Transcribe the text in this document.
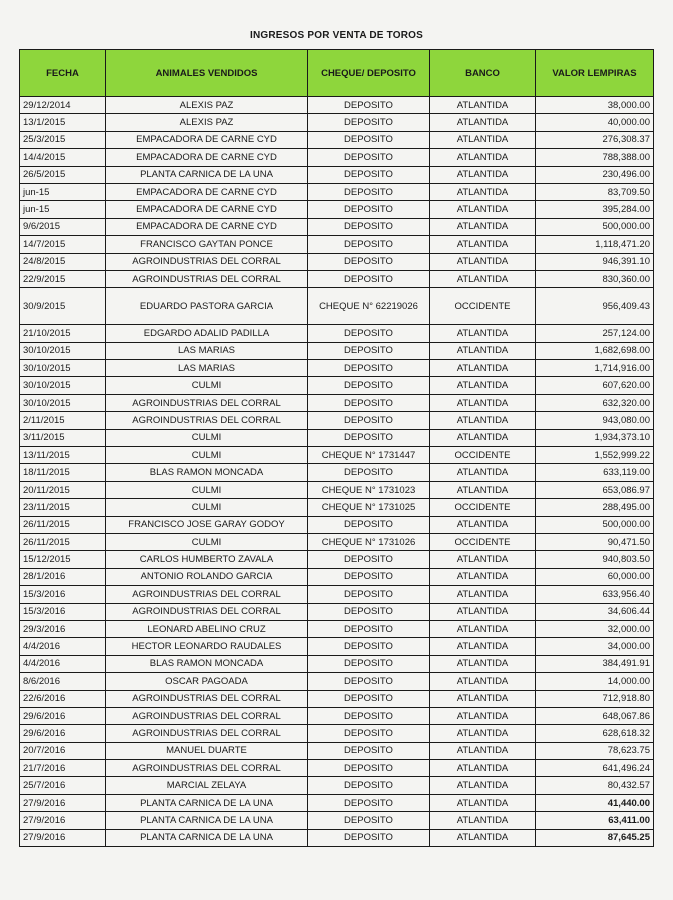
INGRESOS POR VENTA DE TOROS
FECHA	ANIMALES VENDIDOS	CHEQUE/ DEPOSITO	BANCO	VALOR LEMPIRAS
29/12/2014	ALEXIS PAZ	DEPOSITO	ATLANTIDA	38,000.00
13/1/2015	ALEXIS PAZ	DEPOSITO	ATLANTIDA	40,000.00
25/3/2015	EMPACADORA DE CARNE CYD	DEPOSITO	ATLANTIDA	276,308.37
14/4/2015	EMPACADORA DE CARNE CYD	DEPOSITO	ATLANTIDA	788,388.00
26/5/2015	PLANTA CARNICA DE LA UNA	DEPOSITO	ATLANTIDA	230,496.00
jun-15	EMPACADORA DE CARNE CYD	DEPOSITO	ATLANTIDA	83,709.50
jun-15	EMPACADORA DE CARNE CYD	DEPOSITO	ATLANTIDA	395,284.00
9/6/2015	EMPACADORA DE CARNE CYD	DEPOSITO	ATLANTIDA	500,000.00
14/7/2015	FRANCISCO GAYTAN PONCE	DEPOSITO	ATLANTIDA	1,118,471.20
24/8/2015	AGROINDUSTRIAS DEL CORRAL	DEPOSITO	ATLANTIDA	946,391.10
22/9/2015	AGROINDUSTRIAS DEL CORRAL	DEPOSITO	ATLANTIDA	830,360.00
30/9/2015	EDUARDO PASTORA GARCIA	CHEQUE N° 62219026	OCCIDENTE	956,409.43
21/10/2015	EDGARDO ADALID PADILLA	DEPOSITO	ATLANTIDA	257,124.00
30/10/2015	LAS MARIAS	DEPOSITO	ATLANTIDA	1,682,698.00
30/10/2015	LAS MARIAS	DEPOSITO	ATLANTIDA	1,714,916.00
30/10/2015	CULMI	DEPOSITO	ATLANTIDA	607,620.00
30/10/2015	AGROINDUSTRIAS DEL CORRAL	DEPOSITO	ATLANTIDA	632,320.00
2/11/2015	AGROINDUSTRIAS DEL CORRAL	DEPOSITO	ATLANTIDA	943,080.00
3/11/2015	CULMI	DEPOSITO	ATLANTIDA	1,934,373.10
13/11/2015	CULMI	CHEQUE N° 1731447	OCCIDENTE	1,552,999.22
18/11/2015	BLAS RAMON MONCADA	DEPOSITO	ATLANTIDA	633,119.00
20/11/2015	CULMI	CHEQUE N° 1731023	ATLANTIDA	653,086.97
23/11/2015	CULMI	CHEQUE N° 1731025	OCCIDENTE	288,495.00
26/11/2015	FRANCISCO JOSE GARAY GODOY	DEPOSITO	ATLANTIDA	500,000.00
26/11/2015	CULMI	CHEQUE N° 1731026	OCCIDENTE	90,471.50
15/12/2015	CARLOS HUMBERTO ZAVALA	DEPOSITO	ATLANTIDA	940,803.50
28/1/2016	ANTONIO ROLANDO GARCIA	DEPOSITO	ATLANTIDA	60,000.00
15/3/2016	AGROINDUSTRIAS DEL CORRAL	DEPOSITO	ATLANTIDA	633,956.40
15/3/2016	AGROINDUSTRIAS DEL CORRAL	DEPOSITO	ATLANTIDA	34,606.44
29/3/2016	LEONARD ABELINO CRUZ	DEPOSITO	ATLANTIDA	32,000.00
4/4/2016	HECTOR LEONARDO RAUDALES	DEPOSITO	ATLANTIDA	34,000.00
4/4/2016	BLAS RAMON MONCADA	DEPOSITO	ATLANTIDA	384,491.91
8/6/2016	OSCAR PAGOADA	DEPOSITO	ATLANTIDA	14,000.00
22/6/2016	AGROINDUSTRIAS DEL CORRAL	DEPOSITO	ATLANTIDA	712,918.80
29/6/2016	AGROINDUSTRIAS DEL CORRAL	DEPOSITO	ATLANTIDA	648,067.86
29/6/2016	AGROINDUSTRIAS DEL CORRAL	DEPOSITO	ATLANTIDA	628,618.32
20/7/2016	MANUEL DUARTE	DEPOSITO	ATLANTIDA	78,623.75
21/7/2016	AGROINDUSTRIAS DEL CORRAL	DEPOSITO	ATLANTIDA	641,496.24
25/7/2016	MARCIAL ZELAYA	DEPOSITO	ATLANTIDA	80,432.57
27/9/2016	PLANTA CARNICA DE LA UNA	DEPOSITO	ATLANTIDA	41,440.00
27/9/2016	PLANTA CARNICA DE LA UNA	DEPOSITO	ATLANTIDA	63,411.00
27/9/2016	PLANTA CARNICA DE LA UNA	DEPOSITO	ATLANTIDA	87,645.25
